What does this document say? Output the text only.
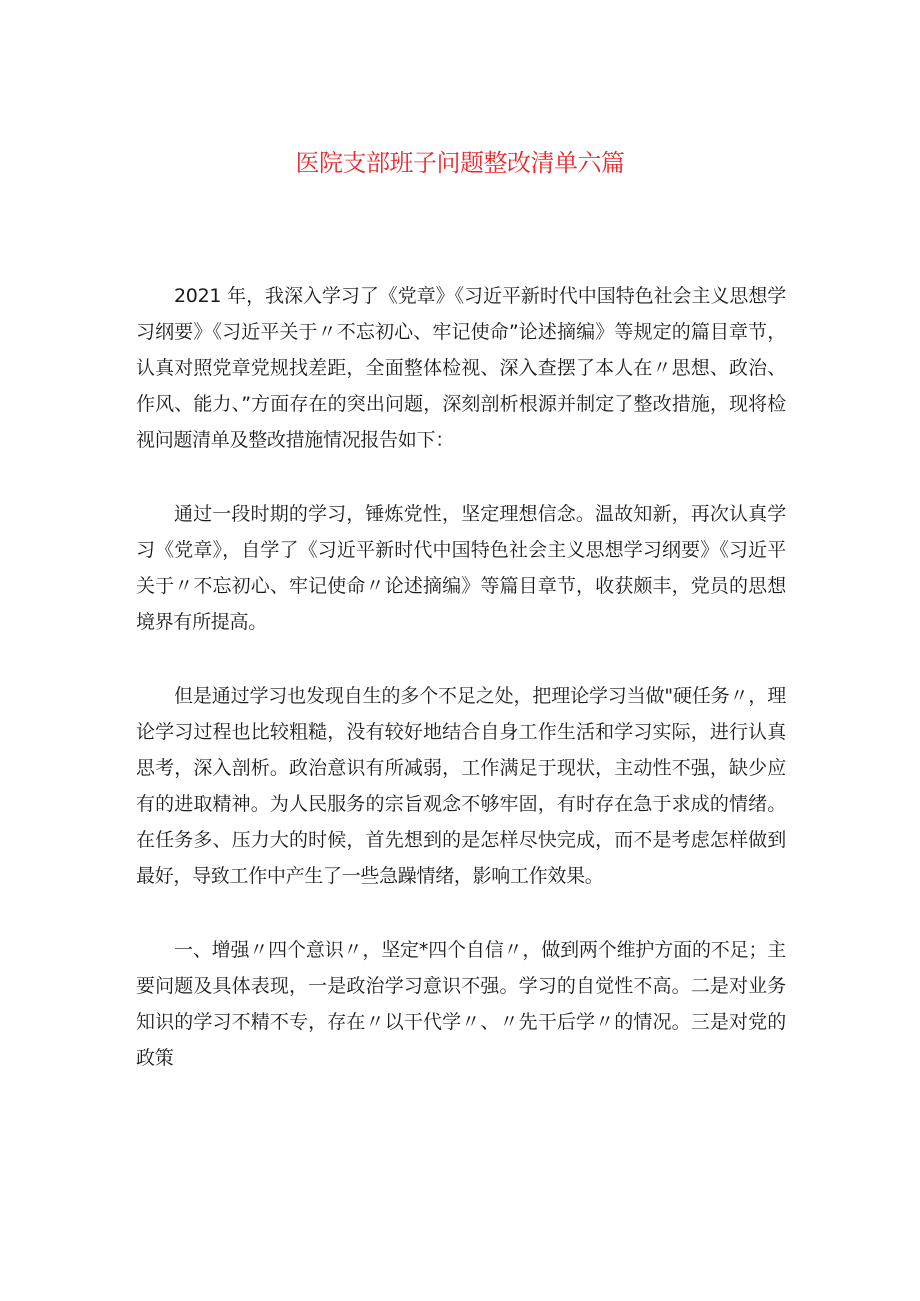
医院支部班子问题整改清单六篇

2021 年，我深入学习了《党章》《习近平新时代中国特色社会主义思想学习纲要》《习近平关于〃不忘初心、牢记使命”论述摘编》等规定的篇目章节，认真对照党章党规找差距，全面整体检视、深入查摆了本人在〃思想、政治、作风、能力、”方面存在的突出问题，深刻剖析根源并制定了整改措施，现将检视问题清单及整改措施情况报告如下：

通过一段时期的学习，锤炼党性，坚定理想信念。温故知新，再次认真学习《党章》，自学了《习近平新时代中国特色社会主义思想学习纲要》《习近平关于〃不忘初心、牢记使命〃论述摘编》等篇目章节，收获颇丰，党员的思想境界有所提高。

但是通过学习也发现自生的多个不足之处，把理论学习当做"硬任务〃，理论学习过程也比较粗糙，没有较好地结合自身工作生活和学习实际，进行认真思考，深入剖析。政治意识有所减弱，工作满足于现状，主动性不强，缺少应有的进取精神。为人民服务的宗旨观念不够牢固，有时存在急于求成的情绪。在任务多、压力大的时候，首先想到的是怎样尽快完成，而不是考虑怎样做到最好，导致工作中产生了一些急躁情绪，影响工作效果。

一、增强〃四个意识〃，坚定*四个自信〃，做到两个维护方面的不足；主要问题及具体表现，一是政治学习意识不强。学习的自觉性不高。二是对业务知识的学习不精不专，存在〃以干代学〃、〃先干后学〃的情况。三是对党的政策
